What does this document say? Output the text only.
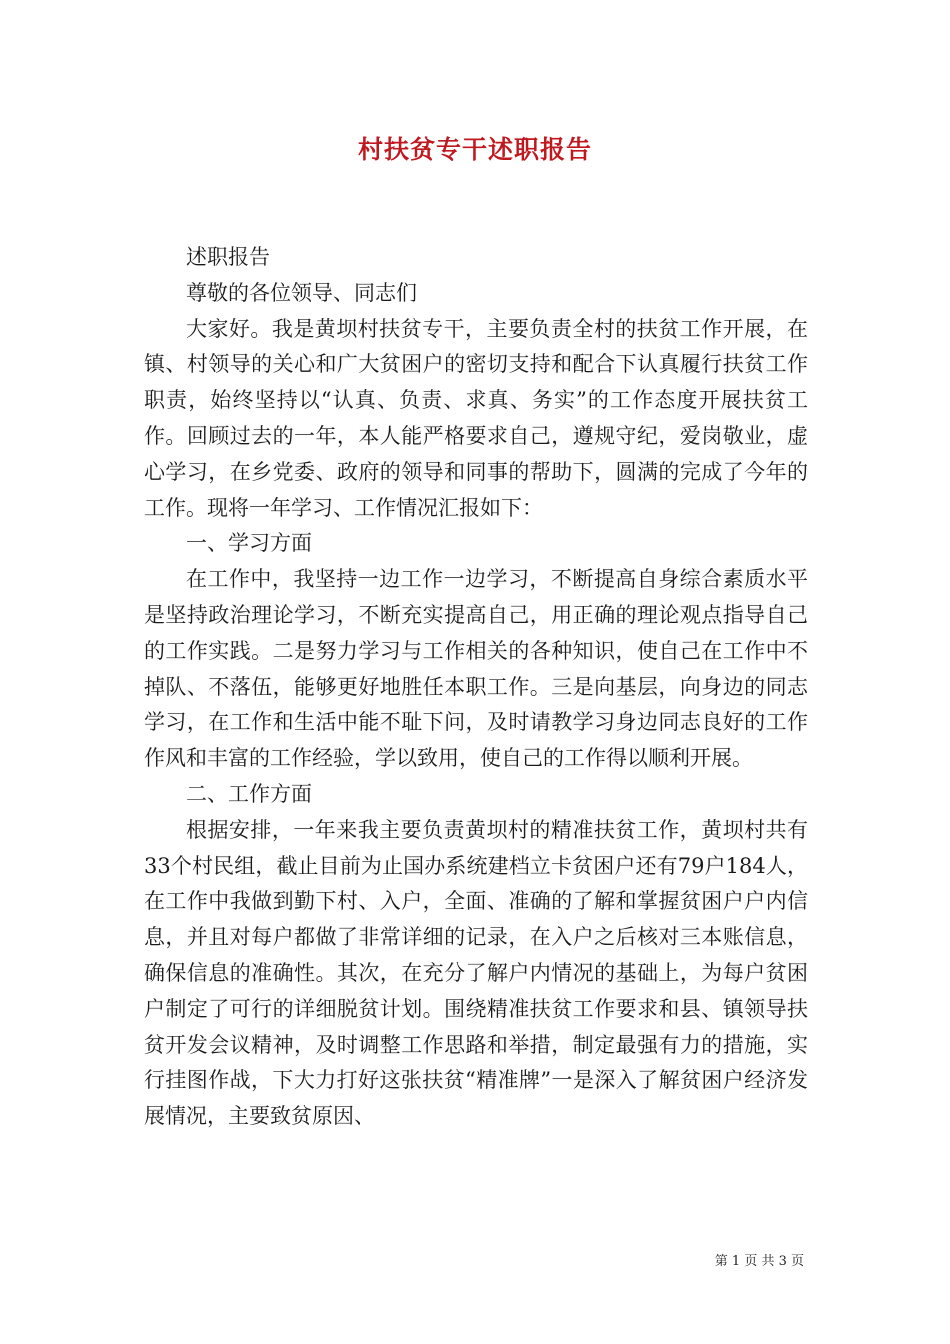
村扶贫专干述职报告

述职报告

尊敬的各位领导、同志们

大家好。我是黄坝村扶贫专干，主要负责全村的扶贫工作开展，在镇、村领导的关心和广大贫困户的密切支持和配合下认真履行扶贫工作职责，始终坚持以“认真、负责、求真、务实”的工作态度开展扶贫工作。回顾过去的一年，本人能严格要求自己，遵规守纪，爱岗敬业，虚心学习，在乡党委、政府的领导和同事的帮助下，圆满的完成了今年的工作。现将一年学习、工作情况汇报如下：

一、学习方面

在工作中，我坚持一边工作一边学习，不断提高自身综合素质水平是坚持政治理论学习，不断充实提高自己，用正确的理论观点指导自己的工作实践。二是努力学习与工作相关的各种知识，使自己在工作中不掉队、不落伍，能够更好地胜任本职工作。三是向基层，向身边的同志学习，在工作和生活中能不耻下问，及时请教学习身边同志良好的工作作风和丰富的工作经验，学以致用，使自己的工作得以顺利开展。

二、工作方面

根据安排，一年来我主要负责黄坝村的精准扶贫工作，黄坝村共有33个村民组，截止目前为止国办系统建档立卡贫困户还有79户184人，在工作中我做到勤下村、入户，全面、准确的了解和掌握贫困户户内信息，并且对每户都做了非常详细的记录，在入户之后核对三本账信息，确保信息的准确性。其次，在充分了解户内情况的基础上，为每户贫困户制定了可行的详细脱贫计划。围绕精准扶贫工作要求和县、镇领导扶贫开发会议精神，及时调整工作思路和举措，制定最强有力的措施，实行挂图作战，下大力打好这张扶贫“精准牌”一是深入了解贫困户经济发展情况，主要致贫原因、

第 1 页 共 3 页
